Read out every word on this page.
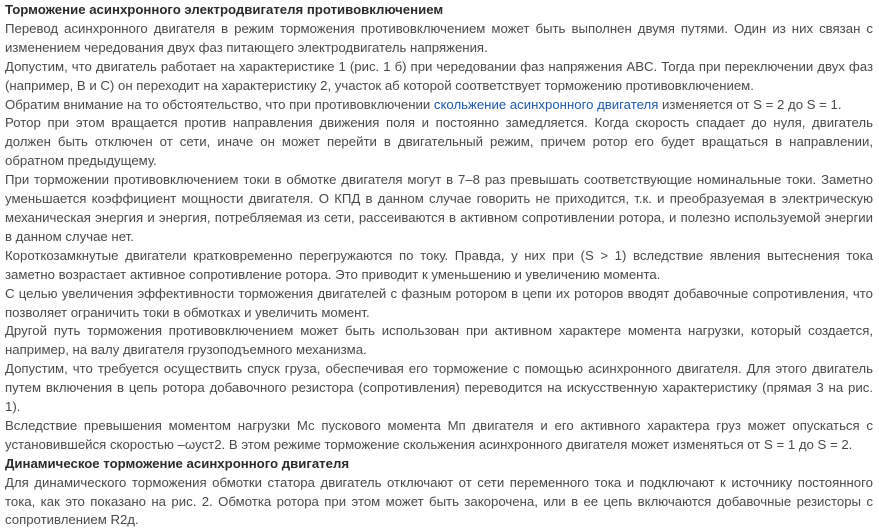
Торможение асинхронного электродвигателя противовключением

Перевод асинхронного двигателя в режим торможения противовключением может быть выполнен двумя путями. Один из них связан с изменением чередования двух фаз питающего электродвигатель напряжения.

Допустим, что двигатель работает на характеристике 1 (рис. 1 б) при чередовании фаз напряжения ABC. Тогда при переключении двух фаз (например, В и С) он переходит на характеристику 2, участок аб которой соответствует торможению противовключением.

Обратим внимание на то обстоятельство, что при противовключении скольжение асинхронного двигателя изменяется от S = 2 до S = 1.

Ротор при этом вращается против направления движения поля и постоянно замедляется. Когда скорость спадает до нуля, двигатель должен быть отключен от сети, иначе он может перейти в двигательный режим, причем ротор его будет вращаться в направлении, обратном предыдущему.

При торможении противовключением токи в обмотке двигателя могут в 7–8 раз превышать соответствующие номинальные токи. Заметно уменьшается коэффициент мощности двигателя. О КПД в данном случае говорить не приходится, т.к. и преобразуемая в электрическую механическая энергия и энергия, потребляемая из сети, рассеиваются в активном сопротивлении ротора, и полезно используемой энергии в данном случае нет.

Короткозамкнутые двигатели кратковременно перегружаются по току. Правда, у них при (S > 1) вследствие явления вытеснения тока заметно возрастает активное сопротивление ротора. Это приводит к уменьшению и увеличению момента.

С целью увеличения эффективности торможения двигателей с фазным ротором в цепи их роторов вводят добавочные сопротивления, что позволяет ограничить токи в обмотках и увеличить момент.

Другой путь торможения противовключением может быть использован при активном характере момента нагрузки, который создается, например, на валу двигателя грузоподъемного механизма.

Допустим, что требуется осуществить спуск груза, обеспечивая его торможение с помощью асинхронного двигателя. Для этого двигатель путем включения в цепь ротора добавочного резистора (сопротивления) переводится на искусственную характеристику (прямая 3 на рис. 1).

Вследствие превышения моментом нагрузки Мс пускового момента Мп двигателя и его активного характера груз может опускаться с установившейся скоростью –ωуст2. В этом режиме торможение скольжения асинхронного двигателя может изменяться от S = 1 до S = 2.

Динамическое торможение асинхронного двигателя

Для динамического торможения обмотки статора двигатель отключают от сети переменного тока и подключают к источнику постоянного тока, как это показано на рис. 2. Обмотка ротора при этом может быть закорочена, или в ее цепь включаются добавочные резисторы с сопротивлением R2д.
